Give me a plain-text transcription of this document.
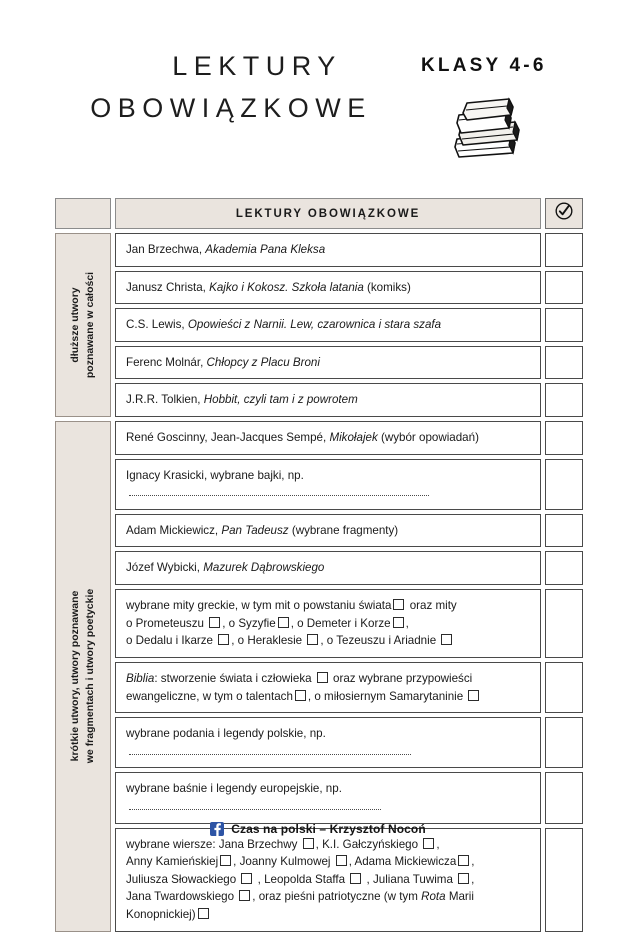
LEKTURY
OBOWIĄZKOWE
KLASY 4-6
LEKTURY OBOWIĄZKOWE
dłuższe utwory poznawane w całości
Jan Brzechwa, Akademia Pana Kleksa
Janusz Christa, Kajko i Kokosz. Szkoła latania (komiks)
C.S. Lewis, Opowieści z Narnii. Lew, czarownica i stara szafa
Ferenc Molnár, Chłopcy z Placu Broni
J.R.R. Tolkien, Hobbit, czyli tam i z powrotem
krótkie utwory, utwory poznawane we fragmentach i utwory poetyckie
René Goscinny, Jean-Jacques Sempé, Mikołajek (wybór opowiadań)
Ignacy Krasicki, wybrane bajki, np.
Adam Mickiewicz, Pan Tadeusz (wybrane fragmenty)
Józef Wybicki, Mazurek Dąbrowskiego
wybrane mity greckie, w tym mit o powstaniu świata oraz mity
o Prometeuszu , o Syzyfie , o Demeter i Korze ,
o Dedalu i Ikarze , o Heraklesie , o Tezeuszu i Ariadnie
Biblia: stworzenie świata i człowieka  oraz wybrane przypowieści
ewangeliczne, w tym o talentach , o miłosiernym Samarytaninie
wybrane podania i legendy polskie, np.
wybrane baśnie i legendy europejskie, np.
wybrane wiersze: Jana Brzechwy , K.I. Gałczyńskiego ,
Anny Kamieńskiej , Joanny Kulmowej , Adama Mickiewicza ,
Juliusza Słowackiego  , Leopolda Staffa  , Juliana Tuwima ,
Jana Twardowskiego , oraz pieśni patriotyczne (w tym Rota Marii
Konopnickiej)
Czas na polski – Krzysztof Nocoń
